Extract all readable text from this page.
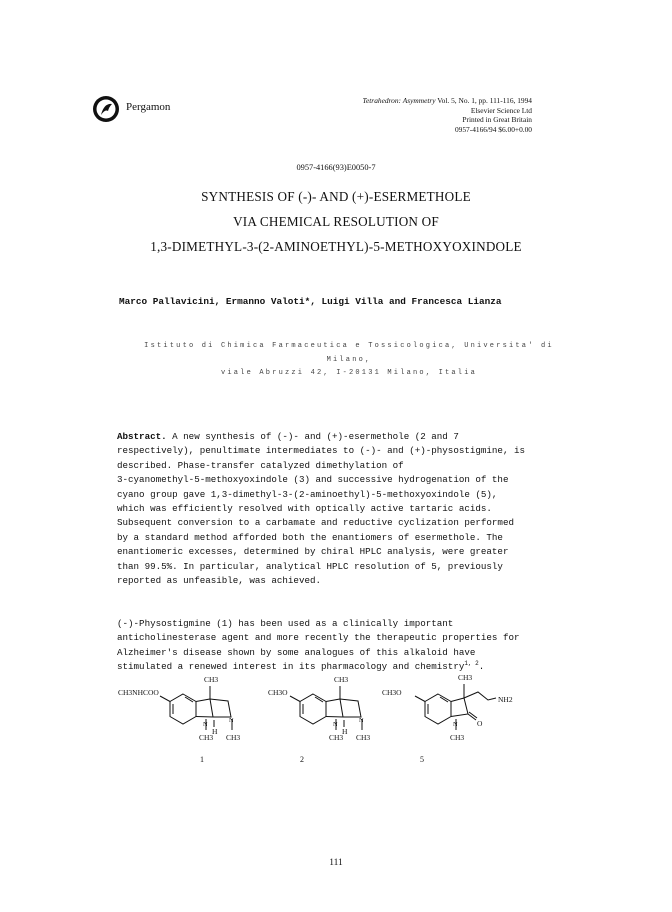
Pergamon
Tetrahedron: Asymmetry Vol. 5, No. 1, pp. 111-116, 1994
Elsevier Science Ltd
Printed in Great Britain
0957-4166/94 $6.00+0.00
0957-4166(93)E0050-7
SYNTHESIS OF (-)- AND (+)-ESERMETHOLE
VIA CHEMICAL RESOLUTION OF
1,3-DIMETHYL-3-(2-AMINOETHYL)-5-METHOXYOXINDOLE
Marco Pallavicini, Ermanno Valoti*, Luigi Villa and Francesca Lianza
Istituto di Chimica Farmaceutica e Tossicologica, Universita' di Milano,
viale Abruzzi 42, I-20131 Milano, Italia
Abstract. A new synthesis of (-)- and (+)-esermethole (2 and 7
respectively), penultimate intermediates to (-)- and (+)-physostigmine, is
described. Phase-transfer catalyzed dimethylation of
3-cyanomethyl-5-methoxyoxindole (3) and successive hydrogenation of the
cyano group gave 1,3-dimethyl-3-(2-aminoethyl)-5-methoxyoxindole (5),
which was efficiently resolved with optically active tartaric acids.
Subsequent conversion to a carbamate and reductive cyclization performed
by a standard method afforded both the enantiomers of esermethole. The
enantiomeric excesses, determined by chiral HPLC analysis, were greater
than 99.5%. In particular, analytical HPLC resolution of 5, previously
reported as unfeasible, was achieved.
(-)-Physostigmine (1) has been used as a clinically important
anticholinesterase agent and more recently the therapeutic properties for
Alzheimer's disease shown by some analogues of this alkaloid have
stimulated a renewed interest in its pharmacology and chemistry$^{1, 2}$.
CH3NHCOO
CH3
N
N
H
CH3 CH3
1
CH3O
CH3
N
N
H
CH3 CH3
2
CH3O
CH3
NH2
O
N
CH3
5
111
